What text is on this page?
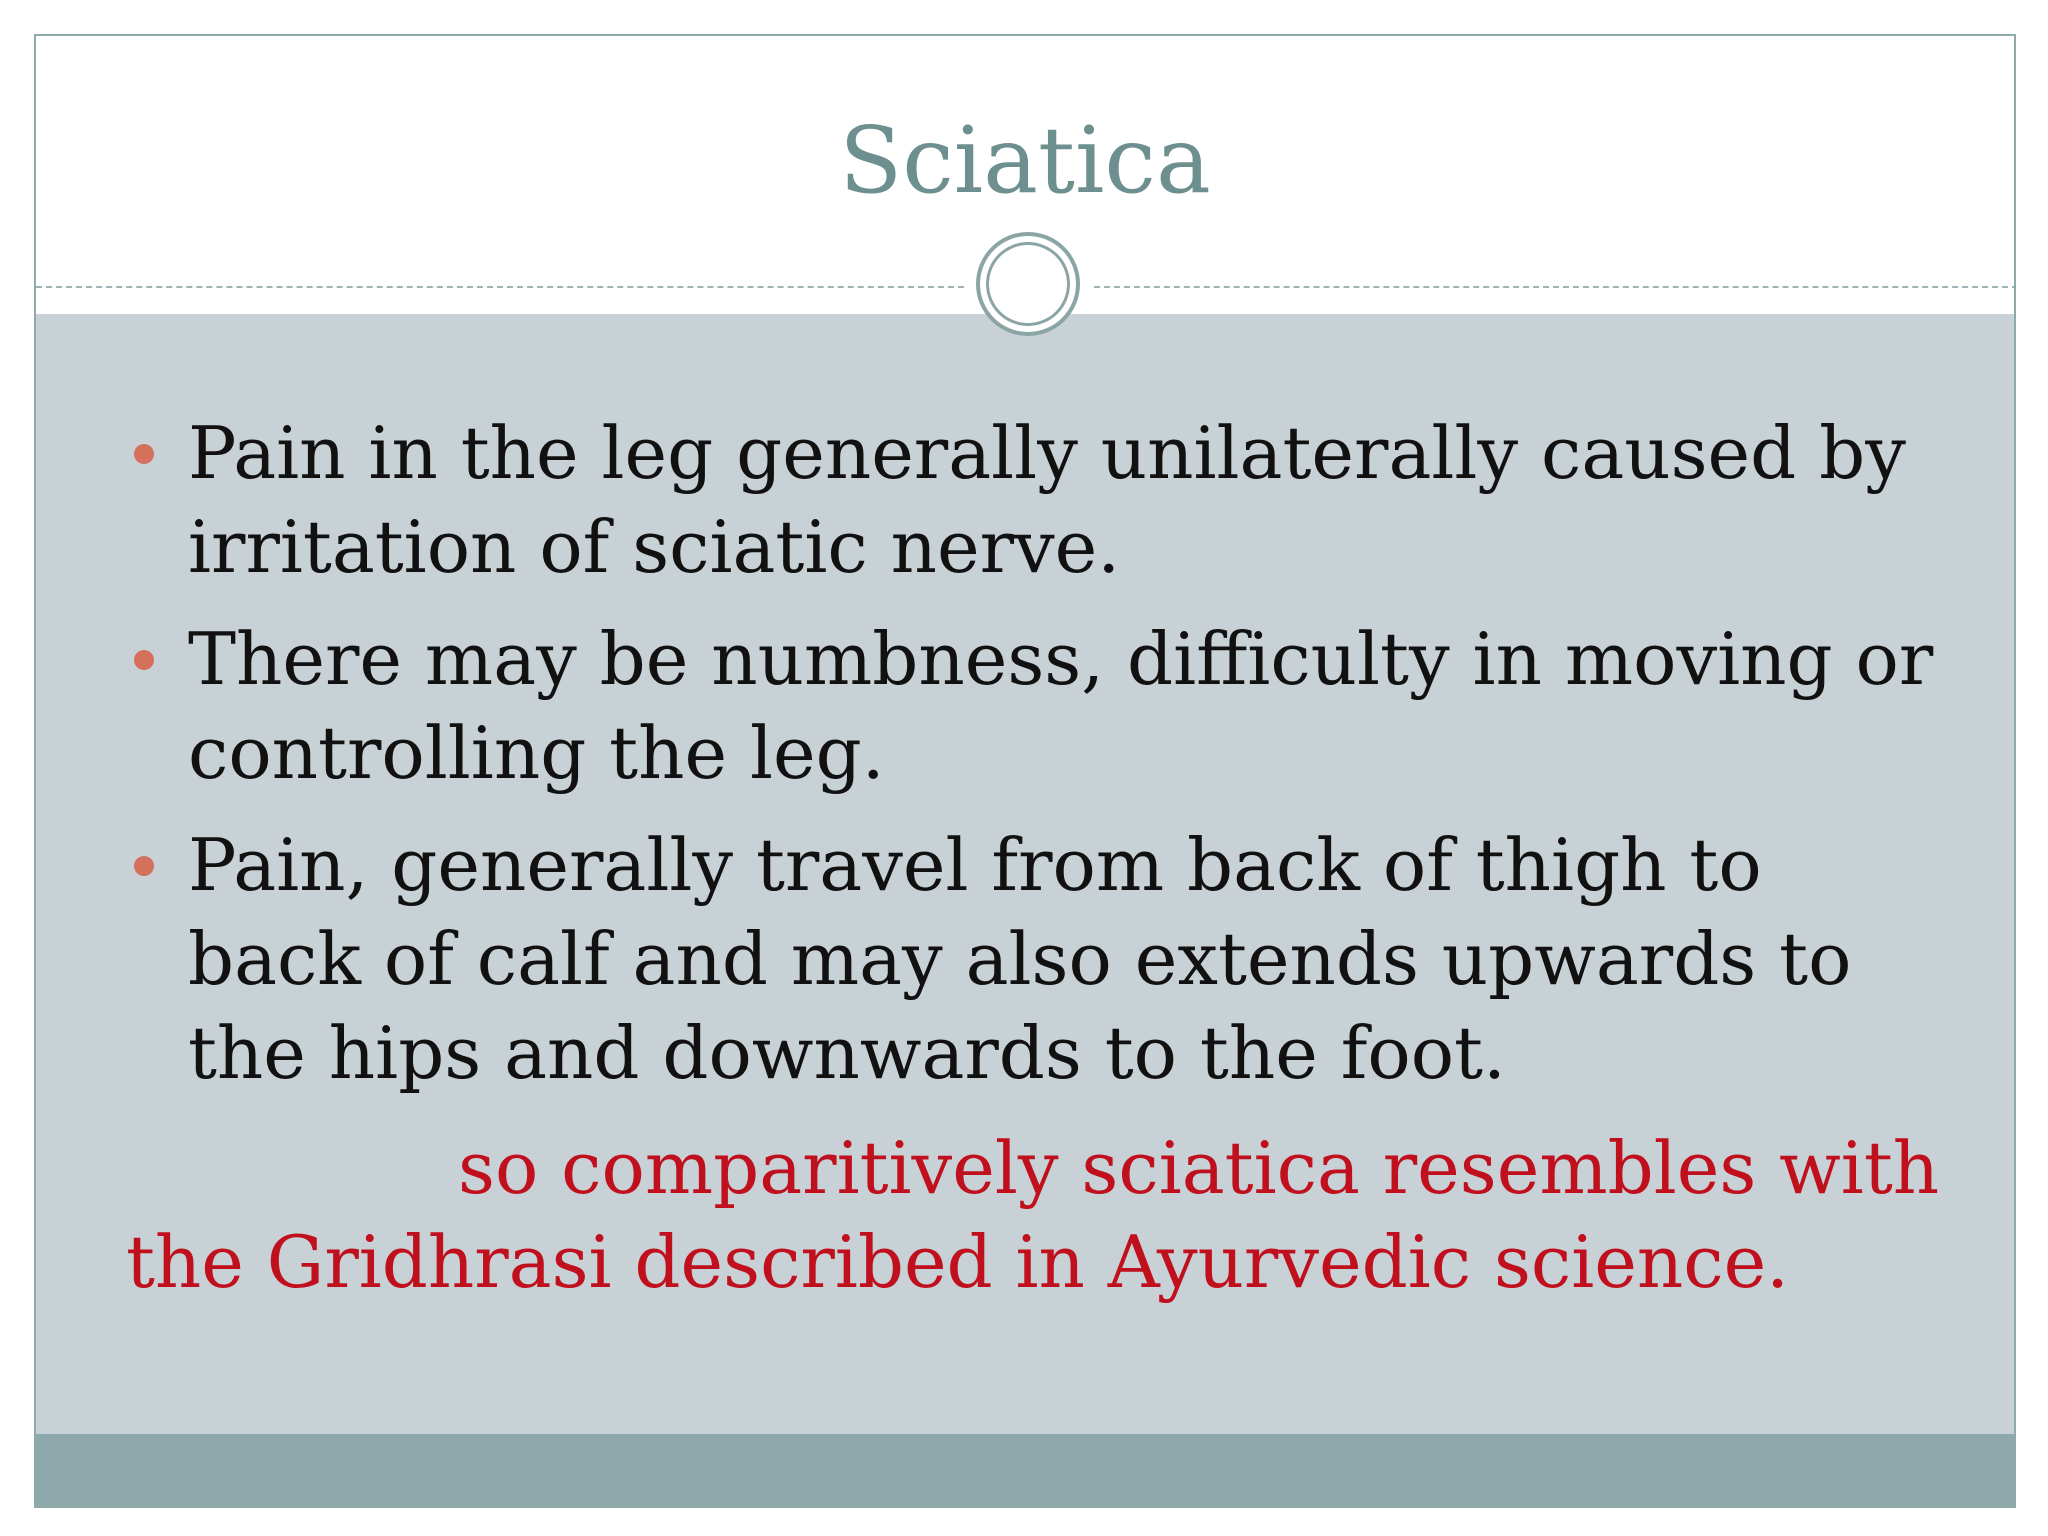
Sciatica
Pain in the leg generally unilaterally caused by irritation of sciatic nerve.
There may be numbness, difficulty in moving or controlling the leg.
Pain, generally travel from back of thigh to back of calf and may also extends upwards to the hips and downwards to the foot.
so comparitively sciatica resembles with the Gridhrasi described in Ayurvedic science.
